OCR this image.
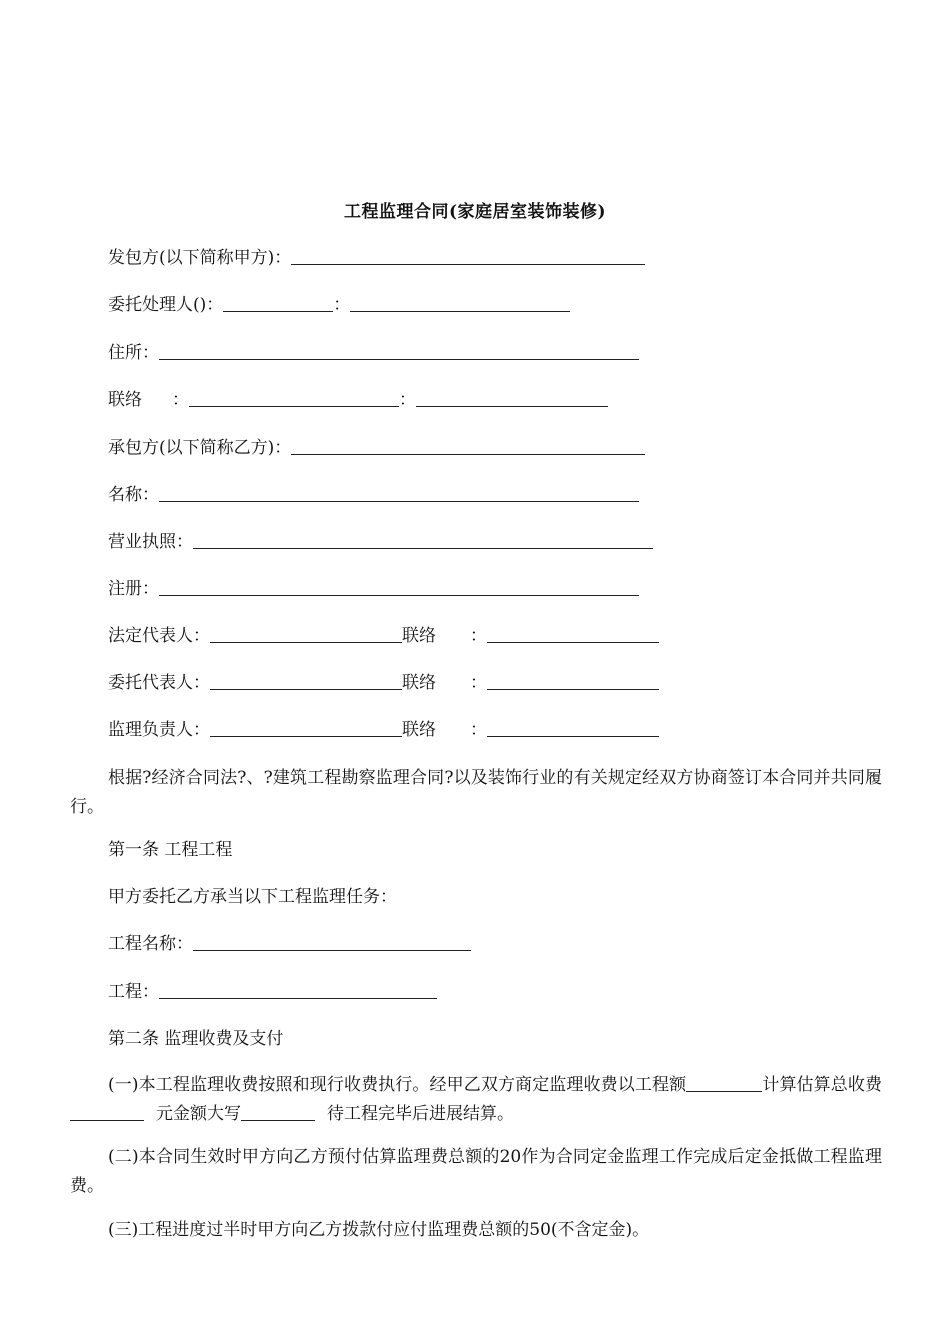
工程监理合同(家庭居室装饰装修)
发包方(以下简称甲方)：
委托处理人()：	：
住所：
联络 ：	：
承包方(以下简称乙方)：
名称：
营业执照：
注册：
法定代表人：	联络 ：
委托代表人：	联络 ：
监理负责人：	联络 ：
根据?经济合同法?、?建筑工程勘察监理合同?以及装饰行业的有关规定经双方协商签订本合同并共同履行。
第一条 工程工程
甲方委托乙方承当以下工程监理任务：
工程名称：
工程：
第二条 监理收费及支付
(一)本工程监理收费按照和现行收费执行。经甲乙双方商定监理收费以工程额	计算估算总收费元金额大写	待工程完毕后进展结算。
(二)本合同生效时甲方向乙方预付估算监理费总额的20作为合同定金监理工作完成后定金抵做工程监理费。
(三)工程进度过半时甲方向乙方拨款付应付监理费总额的50(不含定金)。
